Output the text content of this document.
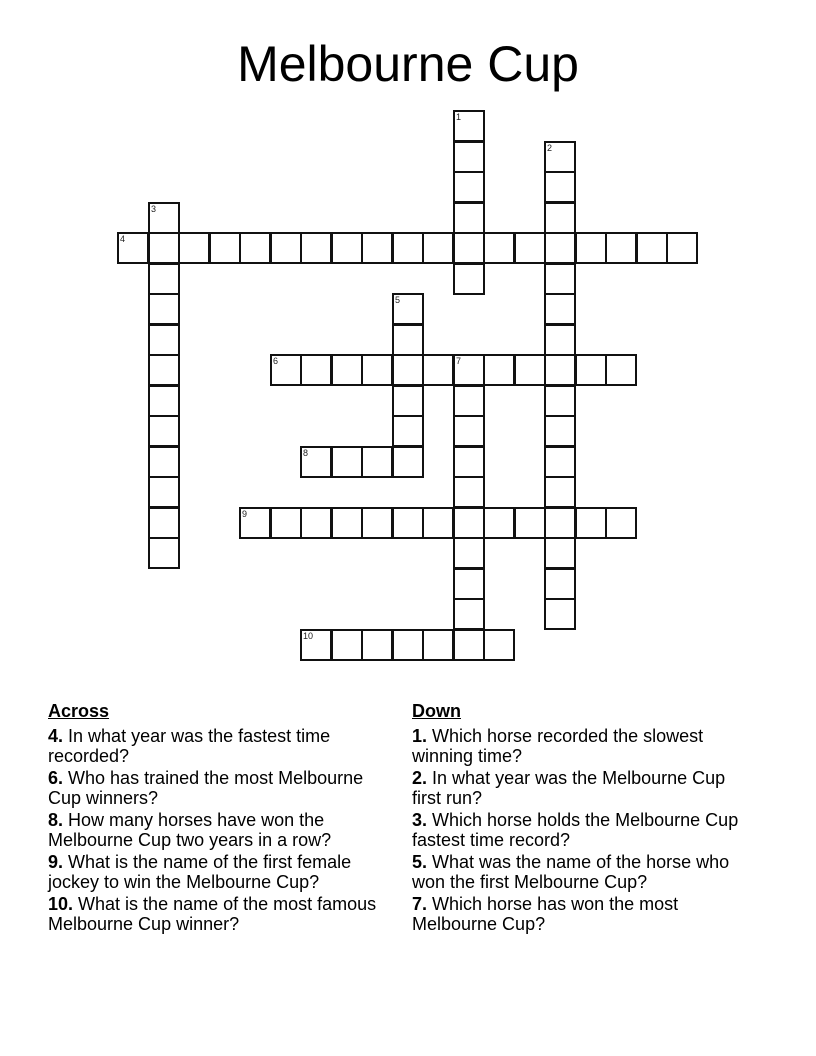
Melbourne Cup
1
2
3
4
5
6	7
8
9
10
Across
4. In what year was the fastest time recorded?
6. Who has trained the most Melbourne Cup winners?
8. How many horses have won the Melbourne Cup two years in a row?
9. What is the name of the first female jockey to win the Melbourne Cup?
10. What is the name of the most famous Melbourne Cup winner?
Down
1. Which horse recorded the slowest winning time?
2. In what year was the Melbourne Cup first run?
3. Which horse holds the Melbourne Cup fastest time record?
5. What was the name of the horse who won the first Melbourne Cup?
7. Which horse has won the most Melbourne Cup?
